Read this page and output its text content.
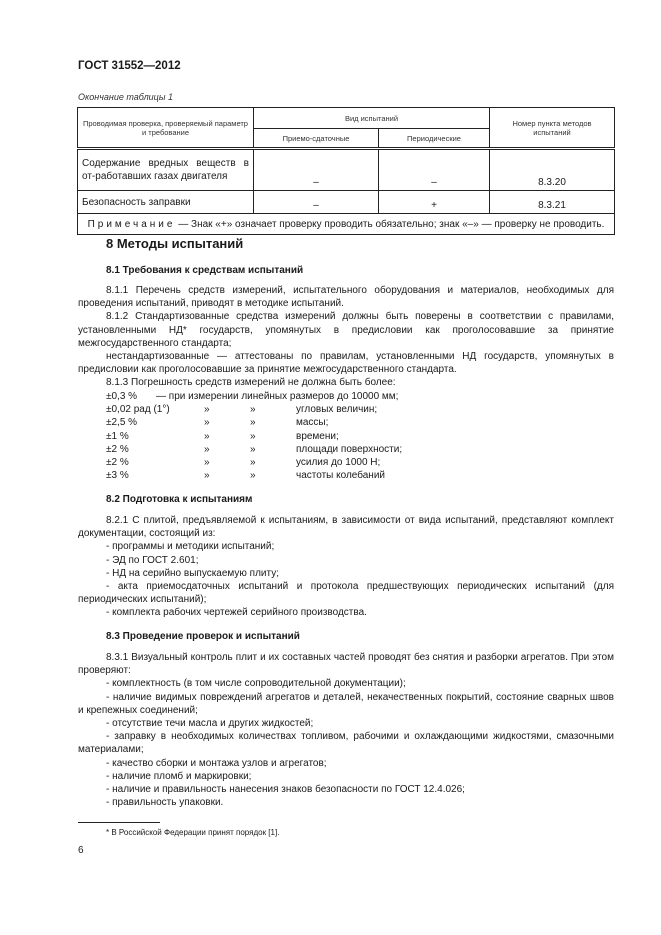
ГОСТ 31552—2012
Окончание таблицы 1
Проводимая проверка, проверяемый параметр и требование	Вид испытаний		Номер пункта методов испытаний
	Приемо-сдаточные	Периодические	
Содержание вредных веществ в от-работавших газах двигателя	–	–	8.3.20
Безопасность заправки	–	+	8.3.21
Примечание — Знак «+» означает проверку проводить обязательно; знак «–» — проверку не проводить.			
8 Методы испытаний
8.1 Требования к средствам испытаний

8.1.1 Перечень средств измерений, испытательного оборудования и материалов, необходимых для проведения испытаний, приводят в методике испытаний.

8.1.2 Стандартизованные средства измерений должны быть поверены в соответствии с правилами, установленными НД* государств, упомянутых в предисловии как проголосовавшие за принятие межгосударственного стандарта;

нестандартизованные — аттестованы по правилам, установленными НД государств, упомянутых в предисловии как проголосовавшие за принятие межгосударственного стандарта.

8.1.3 Погрешность средств измерений не должна быть более:

±0,3 %	— при измерении линейных размеров до 10000 мм;
±0,02 рад (1°)	»	»	угловых величин;
±2,5 %	»	»	массы;
±1 %	»	»	времени;
±2 %	»	»	площади поверхности;
±2 %	»	»	усилия до 1000 Н;
±3 %	»	»	частоты колебаний
8.2 Подготовка к испытаниям

8.2.1 С плитой, предъявляемой к испытаниям, в зависимости от вида испытаний, представляют комплект документации, состоящий из:

- программы и методики испытаний;

- ЭД по ГОСТ 2.601;

- НД на серийно выпускаемую плиту;

- акта приемосдаточных испытаний и протокола предшествующих периодических испытаний (для периодических испытаний);

- комплекта рабочих чертежей серийного производства.

8.3 Проведение проверок и испытаний

8.3.1 Визуальный контроль плит и их составных частей проводят без снятия и разборки агрегатов. При этом проверяют:

- комплектность (в том числе сопроводительной документации);

- наличие видимых повреждений агрегатов и деталей, некачественных покрытий, состояние сварных швов и крепежных соединений;

- отсутствие течи масла и других жидкостей;

- заправку в необходимых количествах топливом, рабочими и охлаждающими жидкостями, смазочными материалами;

- качество сборки и монтажа узлов и агрегатов;

- наличие пломб и маркировки;

- наличие и правильность нанесения знаков безопасности по ГОСТ 12.4.026;

- правильность упаковки.

* В Российской Федерации принят порядок [1].
6
